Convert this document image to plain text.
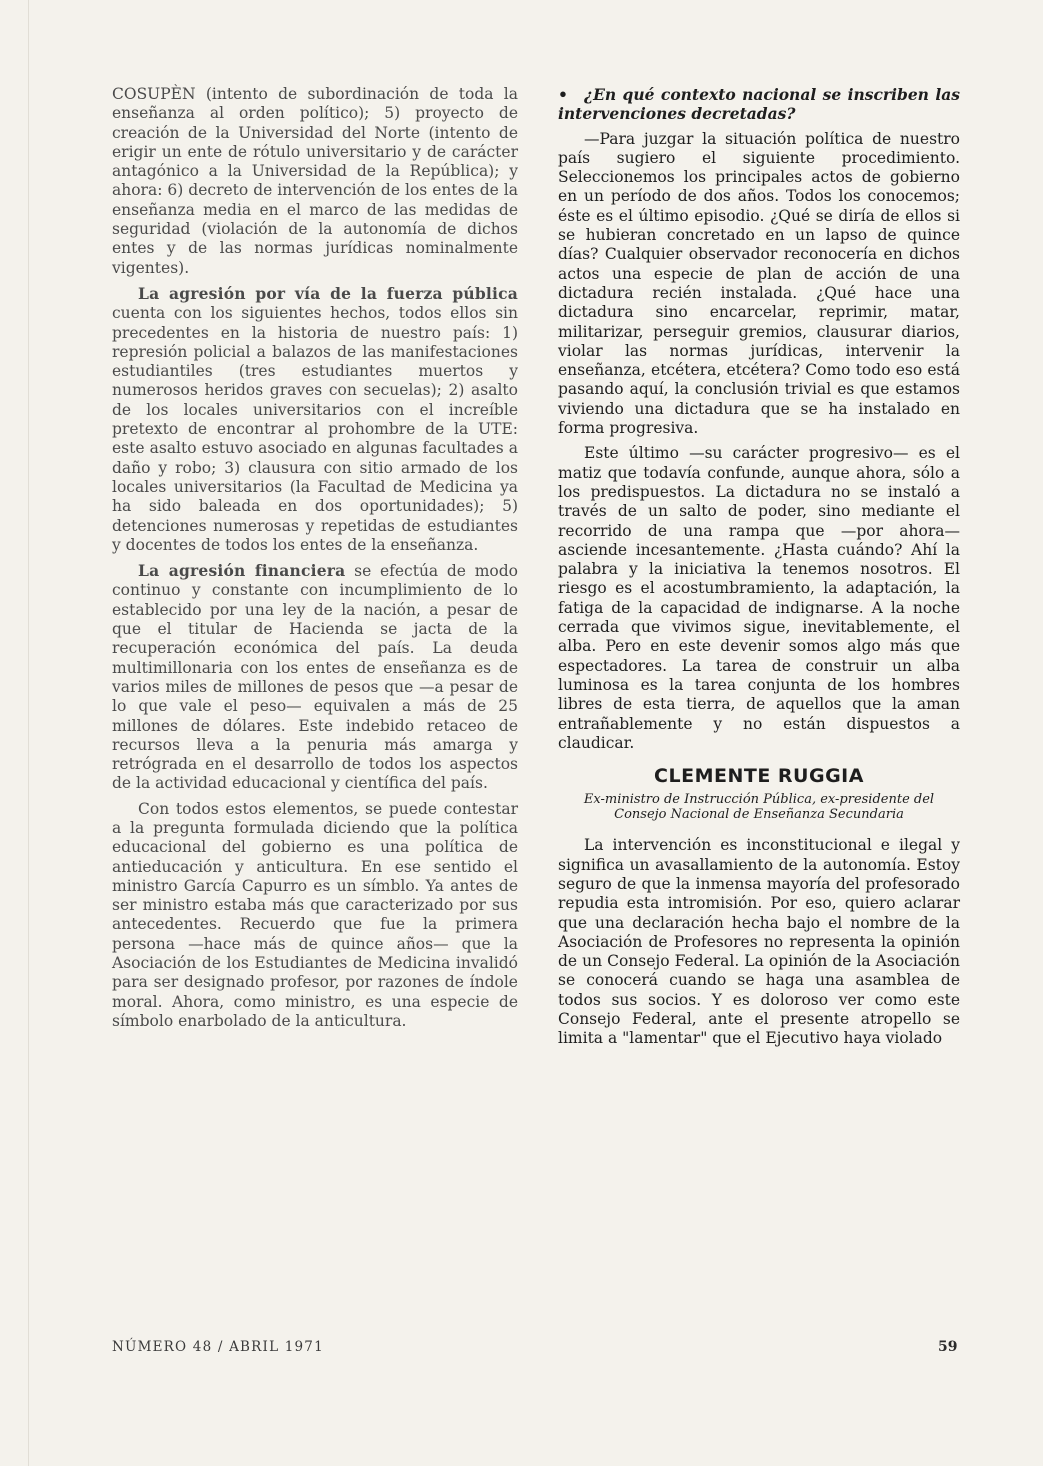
COSUPÈN (intento de subordinación de toda la enseñanza al orden político); 5) proyecto de creación de la Universidad del Norte (intento de erigir un ente de rótulo universitario y de carácter antagónico a la Universidad de la República); y ahora: 6) decreto de intervención de los entes de la enseñanza media en el marco de las medidas de seguridad (violación de la autonomía de dichos entes y de las normas jurídicas nominalmente vigentes).

La agresión por vía de la fuerza pública cuenta con los siguientes hechos, todos ellos sin precedentes en la historia de nuestro país: 1) represión policial a balazos de las manifestaciones estudiantiles (tres estudiantes muertos y numerosos heridos graves con secuelas); 2) asalto de los locales universitarios con el increíble pretexto de encontrar al prohombre de la UTE: este asalto estuvo asociado en algunas facultades a daño y robo; 3) clausura con sitio armado de los locales universitarios (la Facultad de Medicina ya ha sido baleada en dos oportunidades); 5) detenciones numerosas y repetidas de estudiantes y docentes de todos los entes de la enseñanza.

La agresión financiera se efectúa de modo continuo y constante con incumplimiento de lo establecido por una ley de la nación, a pesar de que el titular de Hacienda se jacta de la recuperación económica del país. La deuda multimillonaria con los entes de enseñanza es de varios miles de millones de pesos que —a pesar de lo que vale el peso— equivalen a más de 25 millones de dólares. Este indebido retaceo de recursos lleva a la penuria más amarga y retrógrada en el desarrollo de todos los aspectos de la actividad educacional y científica del país.

Con todos estos elementos, se puede contestar a la pregunta formulada diciendo que la política educacional del gobierno es una política de antieducación y anticultura. En ese sentido el ministro García Capurro es un símblo. Ya antes de ser ministro estaba más que caracterizado por sus antecedentes. Recuerdo que fue la primera persona —hace más de quince años— que la Asociación de los Estudiantes de Medicina invalidó para ser designado profesor, por razones de índole moral. Ahora, como ministro, es una especie de símbolo enarbolado de la anticultura.

• ¿En qué contexto nacional se inscriben las intervenciones decretadas?

—Para juzgar la situación política de nuestro país sugiero el siguiente procedimiento. Seleccionemos los principales actos de gobierno en un período de dos años. Todos los conocemos; éste es el último episodio. ¿Qué se diría de ellos si se hubieran concretado en un lapso de quince días? Cualquier observador reconocería en dichos actos una especie de plan de acción de una dictadura recién instalada. ¿Qué hace una dictadura sino encarcelar, reprimir, matar, militarizar, perseguir gremios, clausurar diarios, violar las normas jurídicas, intervenir la enseñanza, etcétera, etcétera? Como todo eso está pasando aquí, la conclusión trivial es que estamos viviendo una dictadura que se ha instalado en forma progresiva.

Este último —su carácter progresivo— es el matiz que todavía confunde, aunque ahora, sólo a los predispuestos. La dictadura no se instaló a través de un salto de poder, sino mediante el recorrido de una rampa que —por ahora— asciende incesantemente. ¿Hasta cuándo? Ahí la palabra y la iniciativa la tenemos nosotros. El riesgo es el acostumbramiento, la adaptación, la fatiga de la capacidad de indignarse. A la noche cerrada que vivimos sigue, inevitablemente, el alba. Pero en este devenir somos algo más que espectadores. La tarea de construir un alba luminosa es la tarea conjunta de los hombres libres de esta tierra, de aquellos que la aman entrañablemente y no están dispuestos a claudicar.

CLEMENTE RUGGIA
Ex-ministro de Instrucción Pública, ex-presidente del Consejo Nacional de Enseñanza Secundaria

La intervención es inconstitucional e ilegal y significa un avasallamiento de la autonomía. Estoy seguro de que la inmensa mayoría del profesorado repudia esta intromisión. Por eso, quiero aclarar que una declaración hecha bajo el nombre de la Asociación de Profesores no representa la opinión de un Consejo Federal. La opinión de la Asociación se conocerá cuando se haga una asamblea de todos sus socios. Y es doloroso ver como este Consejo Federal, ante el presente atropello se limita a "lamentar" que el Ejecutivo haya violado

NÚMERO 48 / ABRIL 1971	59
